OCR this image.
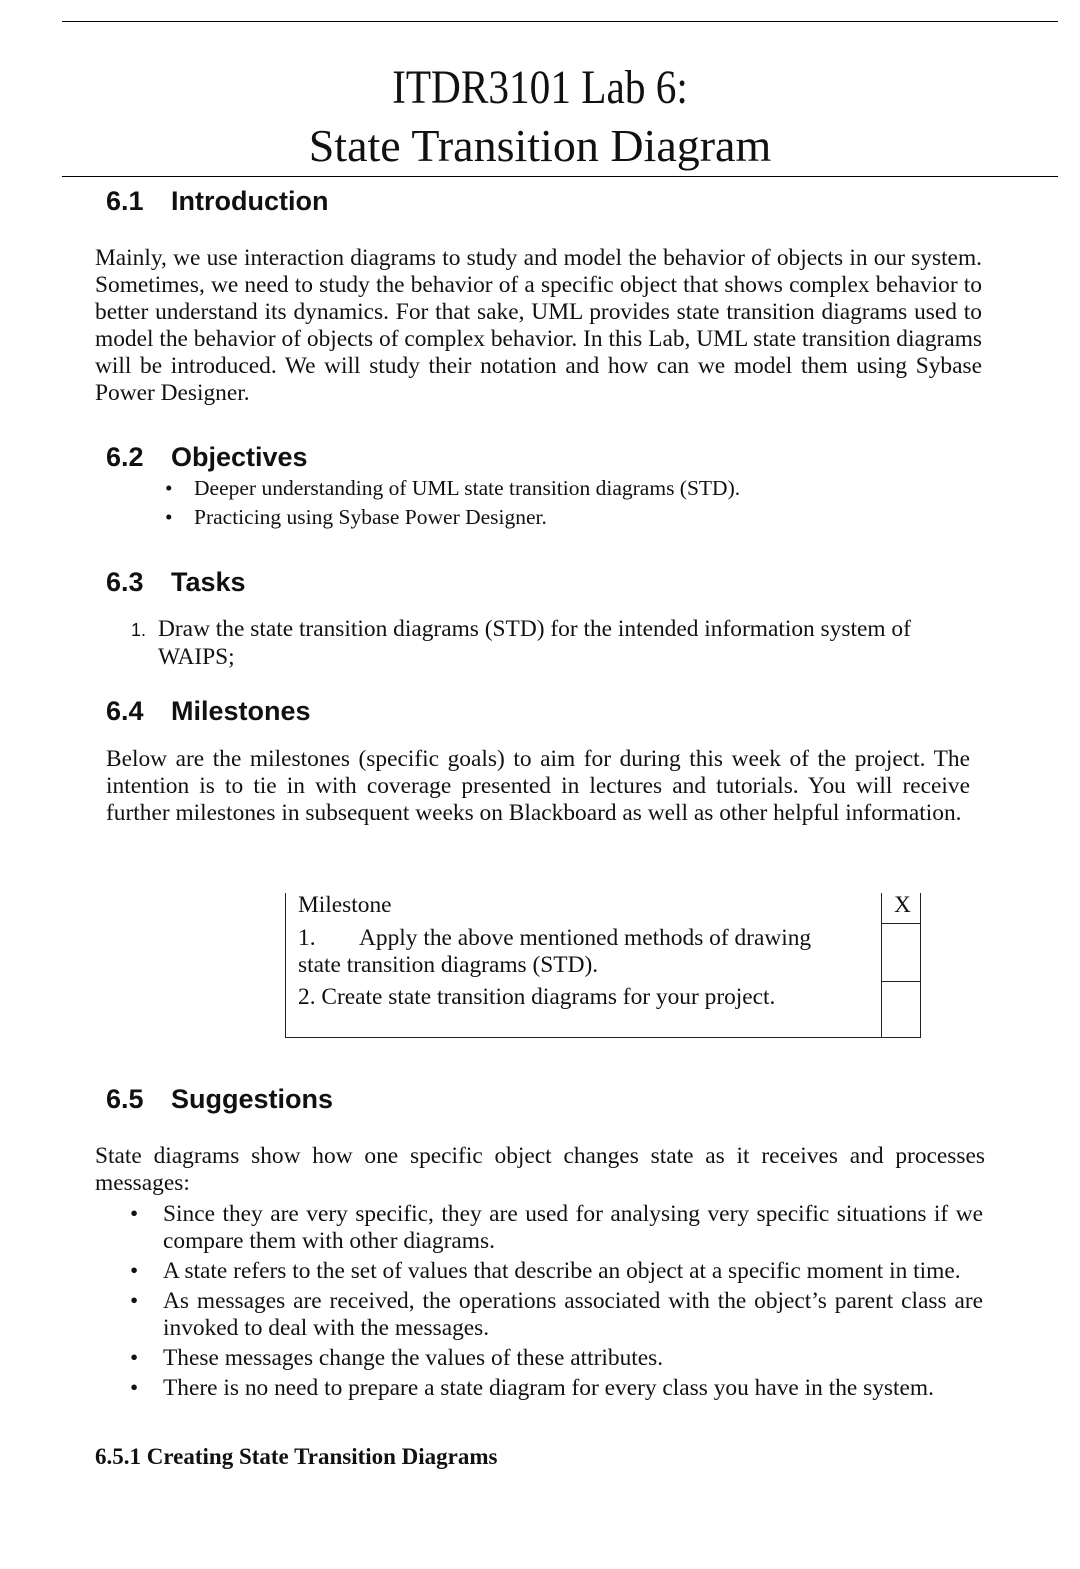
ITDR3101 Lab 6:
State Transition Diagram
6.1 Introduction

Mainly, we use interaction diagrams to study and model the behavior of objects in our system. Sometimes, we need to study the behavior of a specific object that shows complex behavior to better understand its dynamics. For that sake, UML provides state transition diagrams used to model the behavior of objects of complex behavior. In this Lab, UML state transition diagrams will be introduced. We will study their notation and how can we model them using Sybase Power Designer.

6.2 Objectives
• Deeper understanding of UML state transition diagrams (STD).
• Practicing using Sybase Power Designer.
6.3 Tasks
1. Draw the state transition diagrams (STD) for the intended information system of WAIPS;
6.4 Milestones

Below are the milestones (specific goals) to aim for during this week of the project. The intention is to tie in with coverage presented in lectures and tutorials. You will receive further milestones in subsequent weeks on Blackboard as well as other helpful information.

Milestone	X
1. Apply the above mentioned methods of drawing
state transition diagrams (STD).
2. Create state transition diagrams for your project.
6.5 Suggestions

State diagrams show how one specific object changes state as it receives and processes messages:

• Since they are very specific, they are used for analysing very specific situations if we compare them with other diagrams.
• A state refers to the set of values that describe an object at a specific moment in time.
• As messages are received, the operations associated with the object’s parent class are invoked to deal with the messages.
• These messages change the values of these attributes.
• There is no need to prepare a state diagram for every class you have in the system.
6.5.1 Creating State Transition Diagrams
